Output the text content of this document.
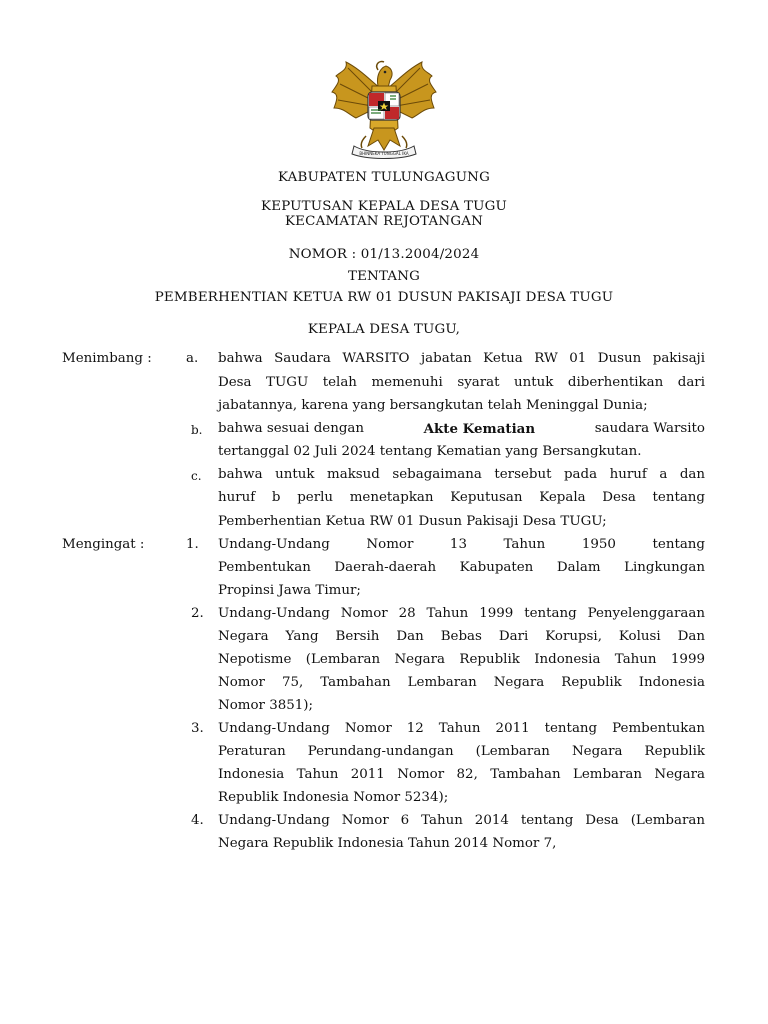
BHINNEKA TUNGGAL IKA
KABUPATEN TULUNGAGUNG
KEPUTUSAN KEPALA DESA TUGU
KECAMATAN REJOTANGAN
NOMOR : 01/13.2004/2024
TENTANG
PEMBERHENTIAN KETUA RW 01 DUSUN PAKISAJI DESA TUGU
KEPALA DESA TUGU,
Menimbang :	a. bahwa Saudara WARSITO jabatan Ketua RW 01 Dusun pakisaji
Desa TUGU telah memenuhi syarat untuk diberhentikan dari
jabatannya, karena yang bersangkutan telah Meninggal Dunia;
b. bahwa sesuai dengan	Akte Kematian	saudara Warsito
tertanggal 02 Juli 2024 tentang Kematian yang Bersangkutan.
c. bahwa untuk maksud sebagaimana tersebut pada huruf a dan
huruf b perlu menetapkan Keputusan Kepala Desa tentang
Pemberhentian Ketua RW 01 Dusun Pakisaji Desa TUGU;
Mengingat :	1. Undang-Undang Nomor 13 Tahun 1950 tentang
Pembentukan Daerah-daerah Kabupaten Dalam Lingkungan
Propinsi Jawa Timur;
2. Undang-Undang Nomor 28 Tahun 1999 tentang Penyelenggaraan
Negara Yang Bersih Dan Bebas Dari Korupsi, Kolusi Dan
Nepotisme (Lembaran Negara Republik Indonesia Tahun 1999
Nomor 75, Tambahan Lembaran Negara Republik Indonesia
Nomor 3851);
3. Undang-Undang Nomor 12 Tahun 2011 tentang Pembentukan
Peraturan Perundang-undangan (Lembaran Negara Republik
Indonesia Tahun 2011 Nomor 82, Tambahan Lembaran Negara
Republik Indonesia Nomor 5234);
4. Undang-Undang Nomor 6 Tahun 2014 tentang Desa (Lembaran
Negara Republik Indonesia Tahun 2014 Nomor 7,
